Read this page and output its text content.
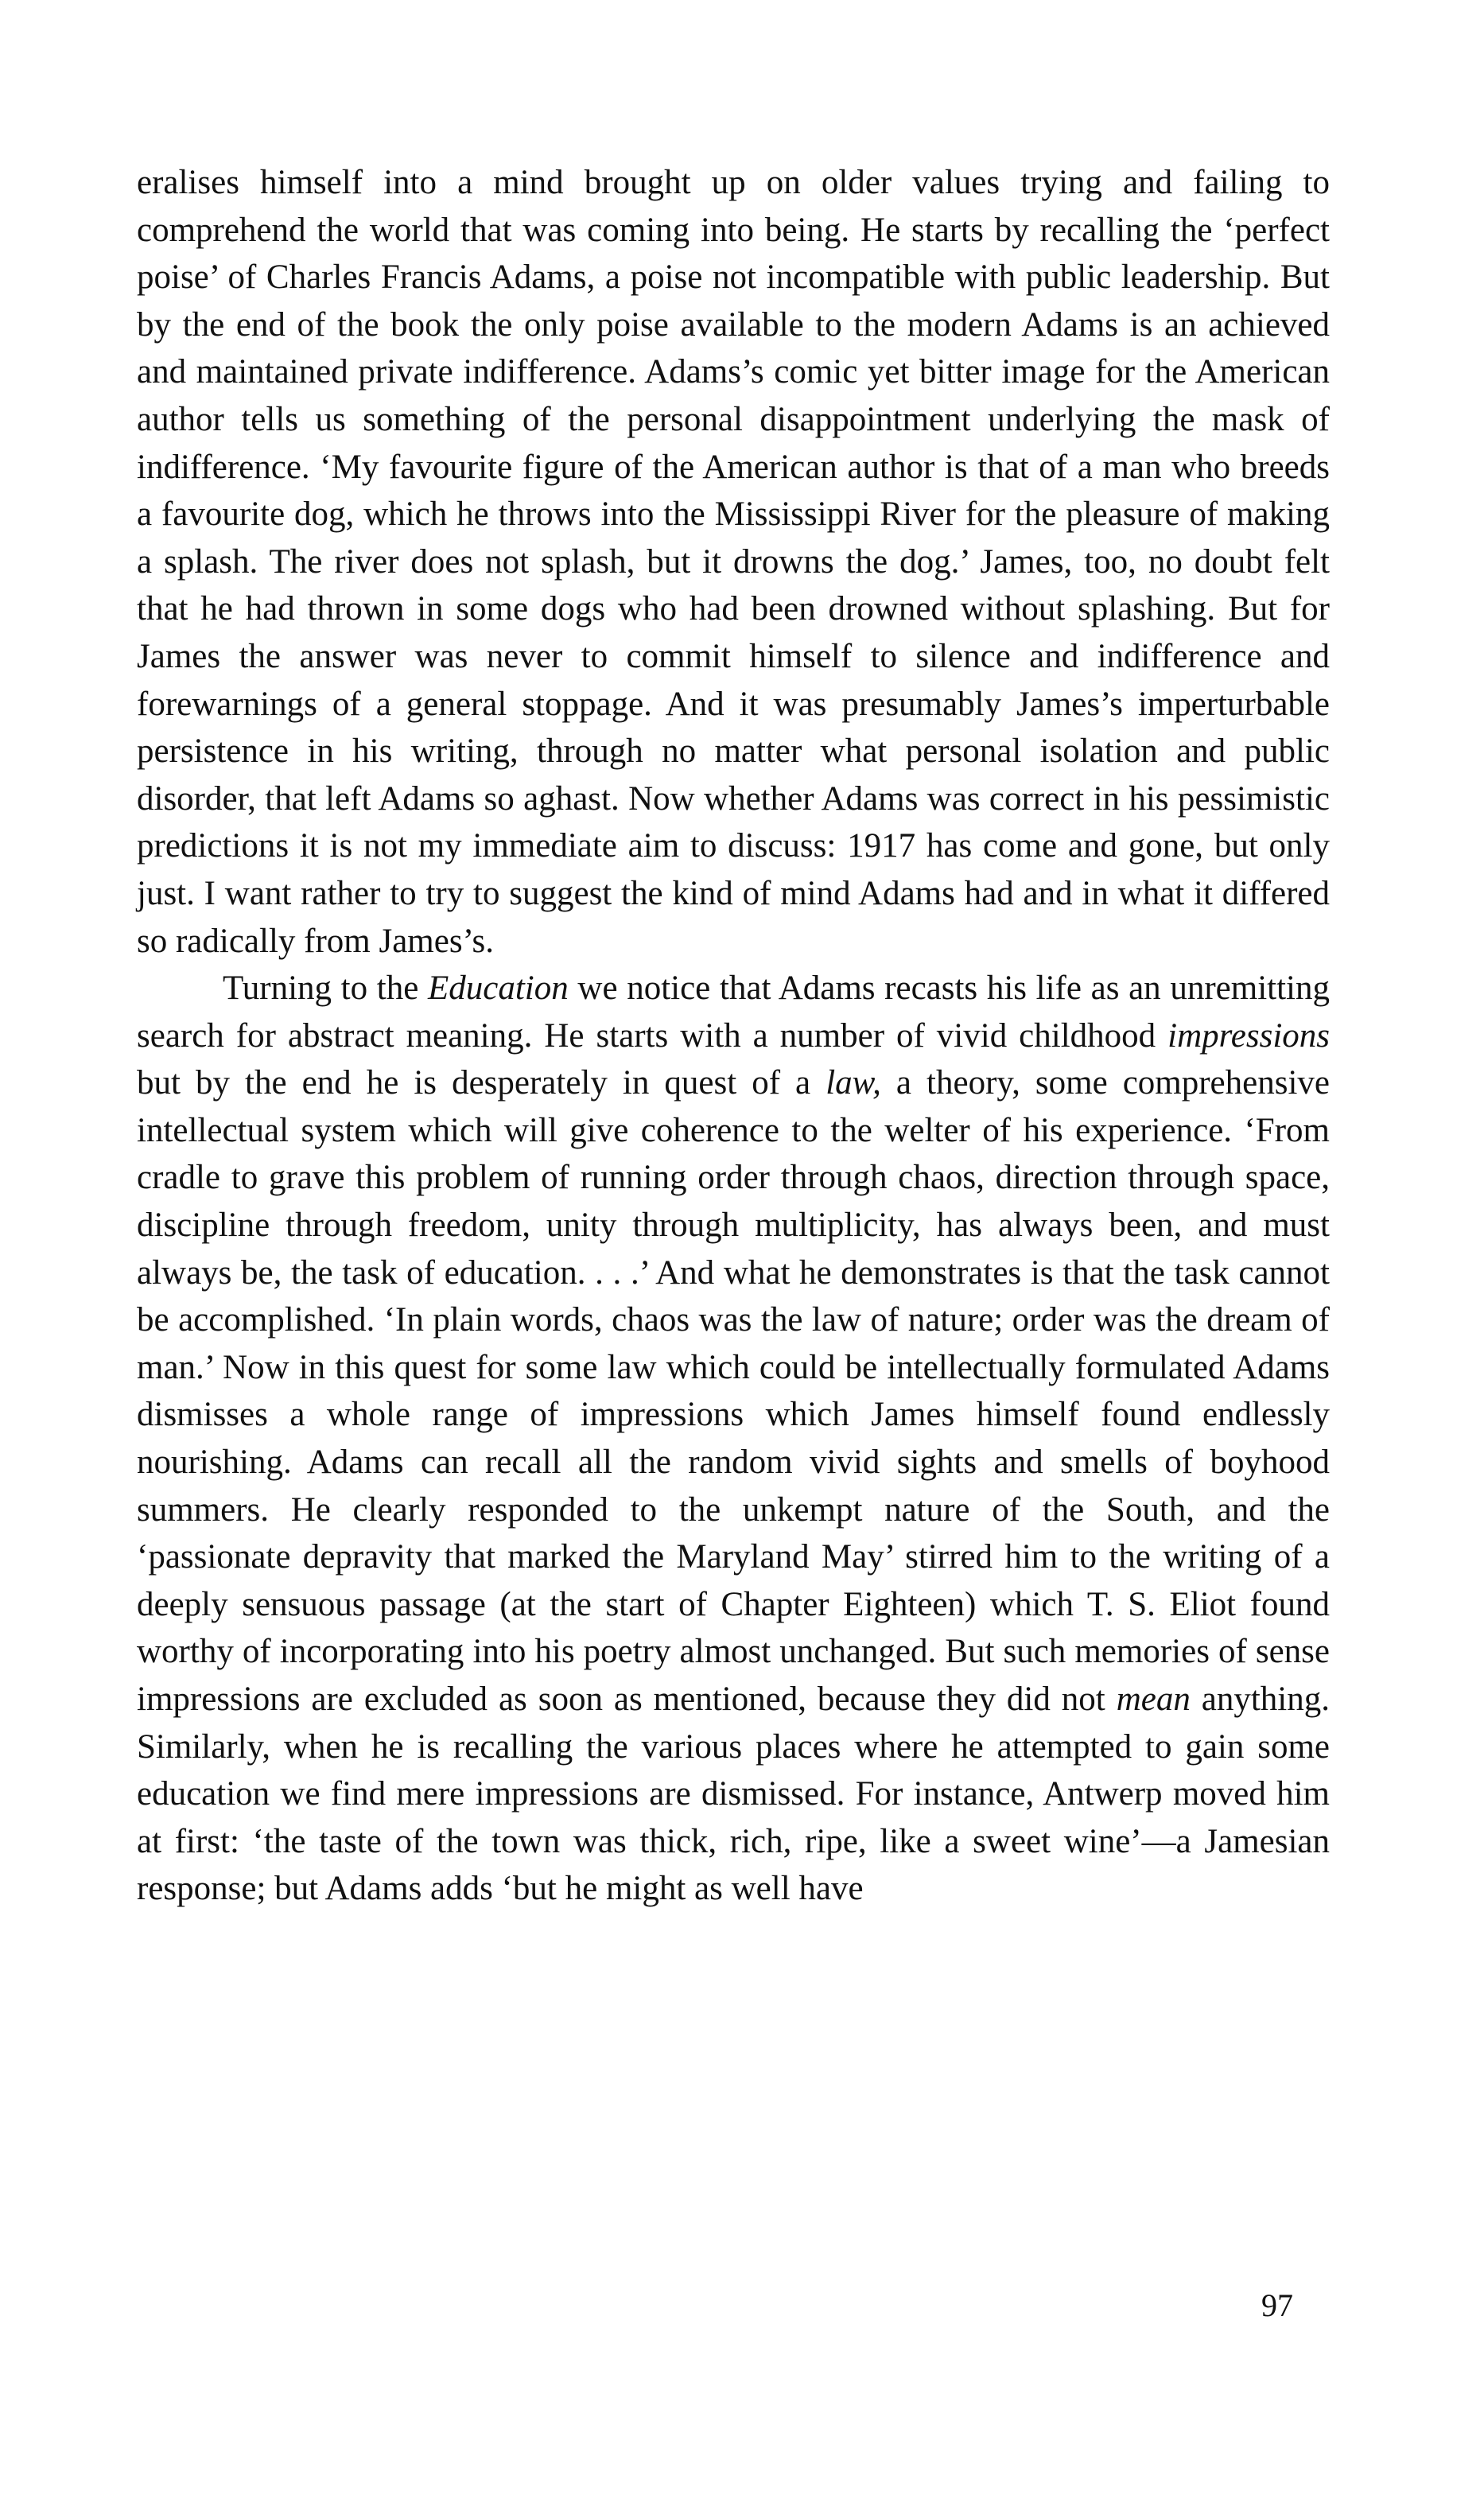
eralises himself into a mind brought up on older values trying and failing to comprehend the world that was coming into being. He starts by recalling the ‘perfect poise’ of Charles Francis Adams, a poise not incompatible with public leadership. But by the end of the book the only poise available to the modern Adams is an achieved and maintained private indifference. Adams’s comic yet bitter image for the American author tells us something of the personal disappointment underlying the mask of indifference. ‘My favourite figure of the American author is that of a man who breeds a favourite dog, which he throws into the Mississippi River for the pleasure of making a splash. The river does not splash, but it drowns the dog.’ James, too, no doubt felt that he had thrown in some dogs who had been drowned without splashing. But for James the answer was never to commit himself to silence and indifference and forewarnings of a general stoppage. And it was presumably James’s imperturbable persistence in his writing, through no matter what personal isolation and public disorder, that left Adams so aghast. Now whether Adams was correct in his pessimistic predictions it is not my immediate aim to discuss: 1917 has come and gone, but only just. I want rather to try to suggest the kind of mind Adams had and in what it differed so radically from James’s.

Turning to the Education we notice that Adams recasts his life as an unremitting search for abstract meaning. He starts with a number of vivid childhood impressions but by the end he is desperately in quest of a law, a theory, some comprehensive intellectual system which will give coherence to the welter of his experience. ‘From cradle to grave this problem of running order through chaos, direction through space, discipline through freedom, unity through multiplicity, has always been, and must always be, the task of education. . . .’ And what he demonstrates is that the task cannot be accomplished. ‘In plain words, chaos was the law of nature; order was the dream of man.’ Now in this quest for some law which could be intellectually formulated Adams dismisses a whole range of impressions which James himself found endlessly nourishing. Adams can recall all the random vivid sights and smells of boyhood summers. He clearly responded to the unkempt nature of the South, and the ‘passionate depravity that marked the Maryland May’ stirred him to the writing of a deeply sensuous passage (at the start of Chapter Eighteen) which T. S. Eliot found worthy of incorporating into his poetry almost unchanged. But such memories of sense impressions are excluded as soon as mentioned, because they did not mean anything. Similarly, when he is recalling the various places where he attempted to gain some education we find mere impressions are dismissed. For instance, Antwerp moved him at first: ‘the taste of the town was thick, rich, ripe, like a sweet wine’—a Jamesian response; but Adams adds ‘but he might as well have

97
